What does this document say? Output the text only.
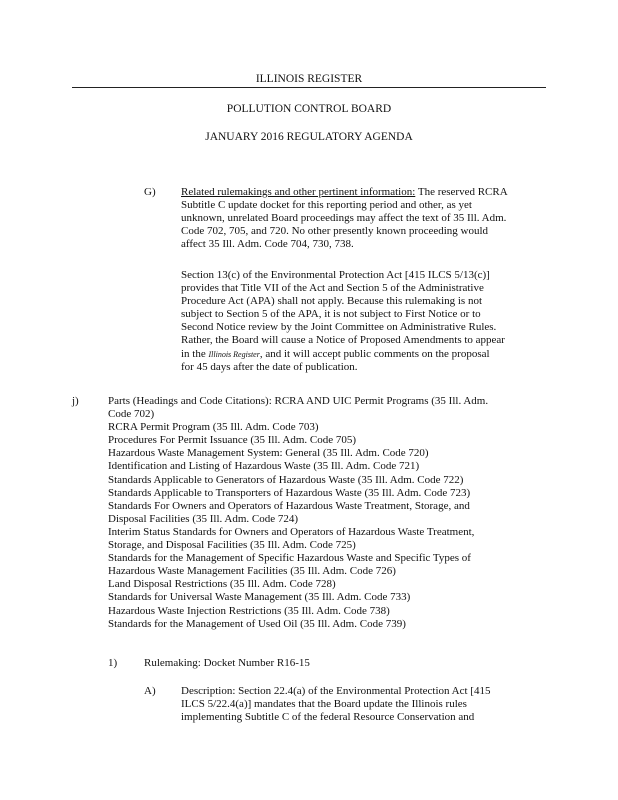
ILLINOIS REGISTER
POLLUTION CONTROL BOARD
JANUARY 2016 REGULATORY AGENDA
G) Related rulemakings and other pertinent information: The reserved RCRA
Subtitle C update docket for this reporting period and other, as yet
unknown, unrelated Board proceedings may affect the text of 35 Ill. Adm.
Code 702, 705, and 720. No other presently known proceeding would
affect 35 Ill. Adm. Code 704, 730, 738.
Section 13(c) of the Environmental Protection Act [415 ILCS 5/13(c)]
provides that Title VII of the Act and Section 5 of the Administrative
Procedure Act (APA) shall not apply. Because this rulemaking is not
subject to Section 5 of the APA, it is not subject to First Notice or to
Second Notice review by the Joint Committee on Administrative Rules.
Rather, the Board will cause a Notice of Proposed Amendments to appear
in the Illinois Register, and it will accept public comments on the proposal
for 45 days after the date of publication.
j)	Parts (Headings and Code Citations): RCRA AND UIC Permit Programs (35 Ill. Adm.
Code 702)
RCRA Permit Program (35 Ill. Adm. Code 703)
Procedures For Permit Issuance (35 Ill. Adm. Code 705)
Hazardous Waste Management System: General (35 Ill. Adm. Code 720)
Identification and Listing of Hazardous Waste (35 Ill. Adm. Code 721)
Standards Applicable to Generators of Hazardous Waste (35 Ill. Adm. Code 722)
Standards Applicable to Transporters of Hazardous Waste (35 Ill. Adm. Code 723)
Standards For Owners and Operators of Hazardous Waste Treatment, Storage, and
Disposal Facilities (35 Ill. Adm. Code 724)
Interim Status Standards for Owners and Operators of Hazardous Waste Treatment,
Storage, and Disposal Facilities (35 Ill. Adm. Code 725)
Standards for the Management of Specific Hazardous Waste and Specific Types of
Hazardous Waste Management Facilities (35 Ill. Adm. Code 726)
Land Disposal Restrictions (35 Ill. Adm. Code 728)
Standards for Universal Waste Management (35 Ill. Adm. Code 733)
Hazardous Waste Injection Restrictions (35 Ill. Adm. Code 738)
Standards for the Management of Used Oil (35 Ill. Adm. Code 739)
1) Rulemaking: Docket Number R16-15
A) Description: Section 22.4(a) of the Environmental Protection Act [415
ILCS 5/22.4(a)] mandates that the Board update the Illinois rules
implementing Subtitle C of the federal Resource Conservation and
